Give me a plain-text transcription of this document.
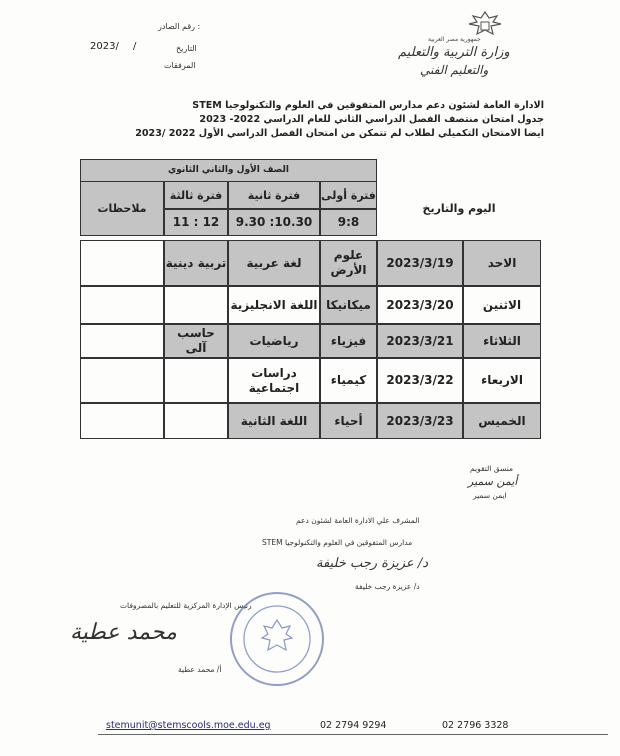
رقم الصادر :
التاريخ
المرفقات
2023/ /
جمهورية مصر العربية
وزارة التربية والتعليم
والتعليم الفني
الادارة العامة لشئون دعم مدارس المتفوقين في العلوم والتكنولوجيا STEM
جدول امتحان منتصف الفصل الدراسي الثاني للعام الدراسي 2022- 2023
ايضا الامتحان التكميلي لطلاب لم تتمكن من امتحان الفصل الدراسي الأول 2022 /2023
الصف الأول والثاني الثانوي
اليوم والتاريخ
فترة أولى
فترة ثانية
فترة ثالثة
ملاحظات
9:8
10.30: 9.30
12 : 11
الاحد
2023/3/19
علوم الأرض
لغة عربية
تربية دينية
الاثنين
2023/3/20
ميكانيكا
اللغة الانجليزية
الثلاثاء
2023/3/21
فيزياء
رياضيات
حاسب آلى
الاربعاء
2023/3/22
كيمياء
دراسات اجتماعية
الخميس
2023/3/23
أحياء
اللغة الثانية
منسق التقويم
أيمن سمير
ايمن سمير
المشرف علي الادارة العامة لشئون دعم
مدارس المتفوقين في العلوم والتكنولوجيا STEM
د/ عزيزة رجب خليفة
د/ عزيزة رجب خليفة
رئيس الإدارة المركزية للتعليم بالمصروفات
محمد عطية
أ/ محمد عطية
stemunit@stemscools.moe.edu.eg	02 2794 9294	02 2796 3328
